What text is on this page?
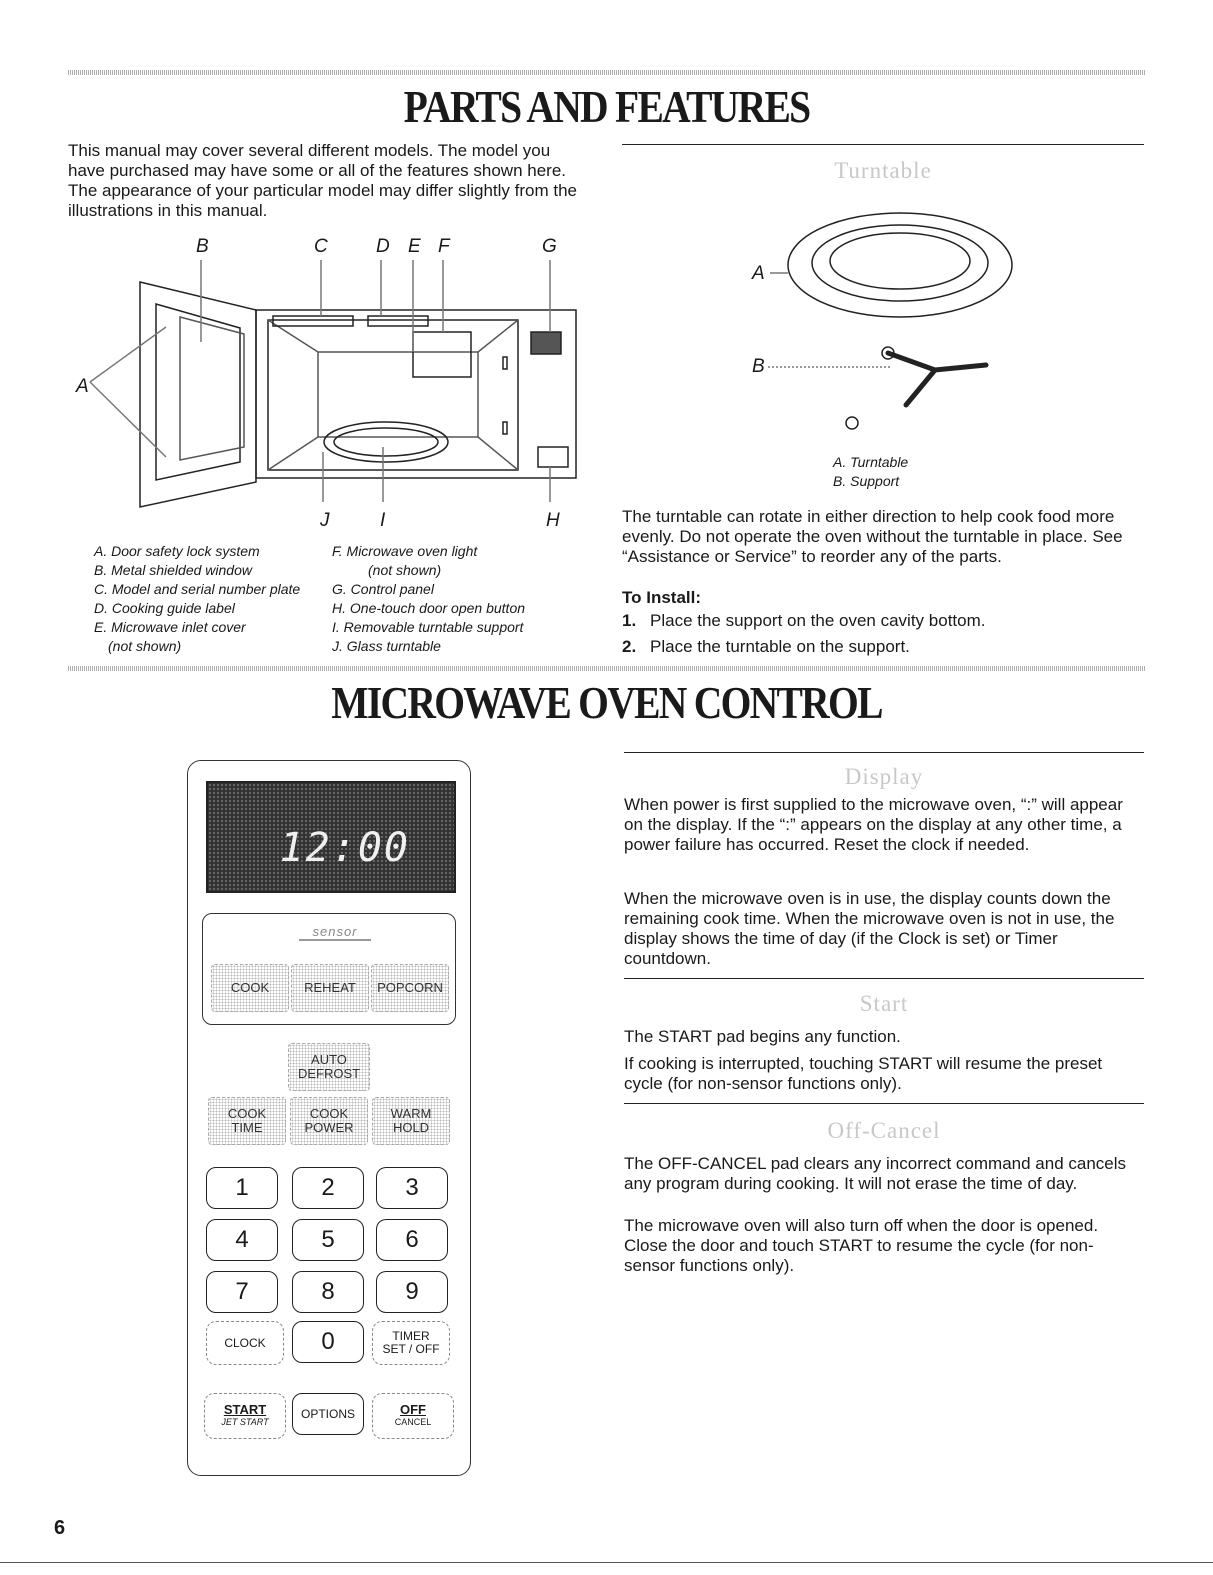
PARTS AND FEATURES

This manual may cover several different models. The model you have purchased may have some or all of the features shown here. The appearance of your particular model may differ slightly from the illustrations in this manual.

B	C	D E F	G
A
J	I	H
A. Door safety lock system
B. Metal shielded window
C. Model and serial number plate
D. Cooking guide label
E. Microwave inlet cover
(not shown)
F. Microwave oven light
(not shown)
G. Control panel
H. One-touch door open button
I. Removable turntable support
J. Glass turntable
Turntable
A
B
A. Turntable
B. Support

The turntable can rotate in either direction to help cook food more evenly. Do not operate the oven without the turntable in place. See “Assistance or Service” to reorder any of the parts.

To Install:
1. Place the support on the oven cavity bottom.
2. Place the turntable on the support.
MICROWAVE OVEN CONTROL
12:00
sensor
COOK	REHEAT	POPCORN
AUTO
DEFROST
COOK
TIME
COOK
POWER
WARM
HOLD
1	2	3
4	5	6
7	8	9
CLOCK	0	TIMER
SET / OFF
START
JET START
OPTIONS	OFF
CANCEL
Display

When power is first supplied to the microwave oven, “:” will appear on the display. If the “:” appears on the display at any other time, a power failure has occurred. Reset the clock if needed.

When the microwave oven is in use, the display counts down the remaining cook time. When the microwave oven is not in use, the display shows the time of day (if the Clock is set) or Timer countdown.

Start

The START pad begins any function.

If cooking is interrupted, touching START will resume the preset cycle (for non-sensor functions only).

Off-Cancel

The OFF-CANCEL pad clears any incorrect command and cancels any program during cooking. It will not erase the time of day.

The microwave oven will also turn off when the door is opened. Close the door and touch START to resume the cycle (for non-sensor functions only).

6
